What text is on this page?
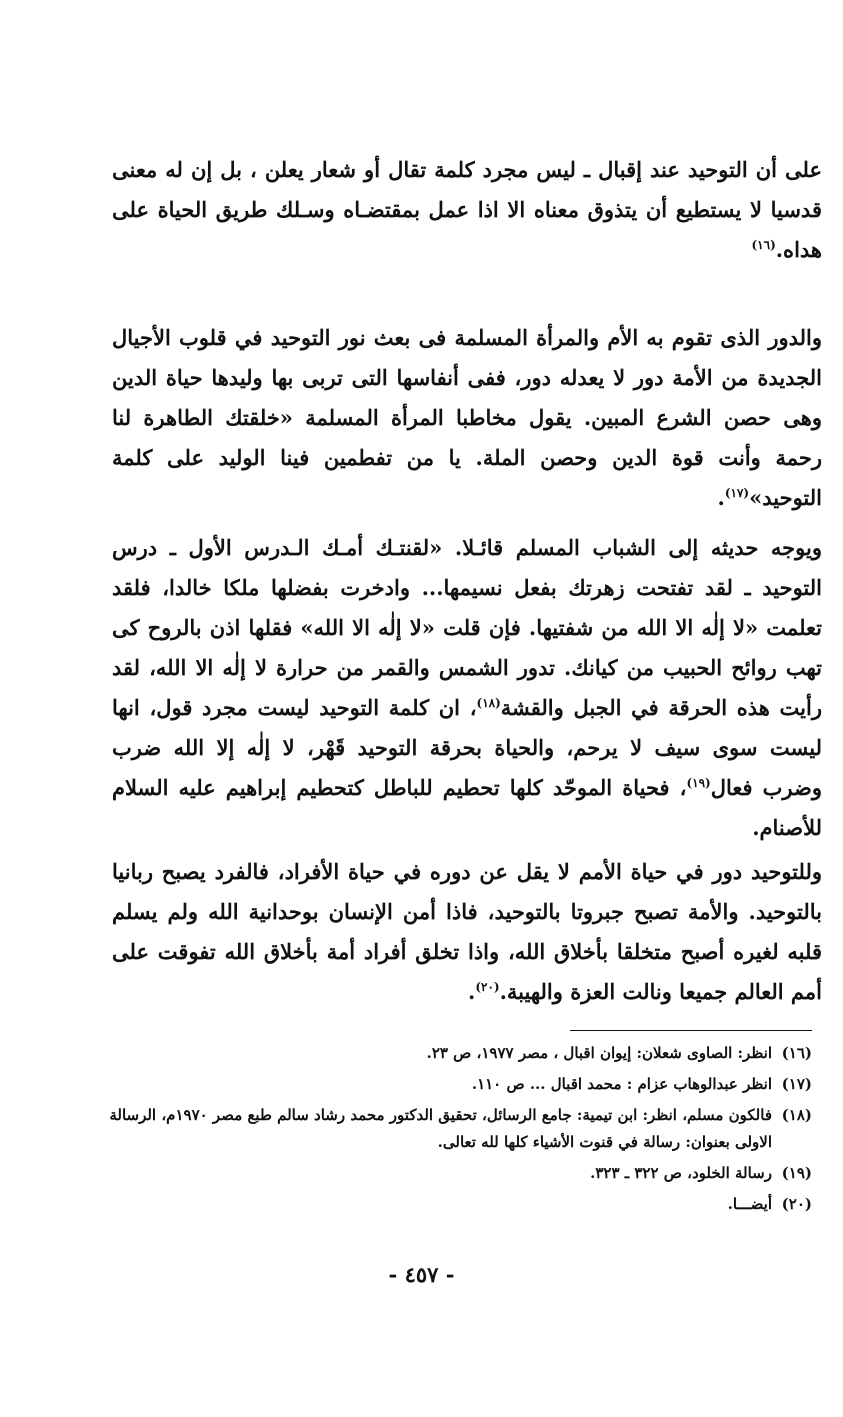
على أن التوحيد عند إقبال ـ ليس مجرد كلمة تقال أو شعار يعلن ، بل إن له معنى قدسيا لا يستطيع أن يتذوق معناه الا اذا عمل بمقتضـاه وسـلك طريق الحياة على هداه.$^{(١٦)}$

والدور الذى تقوم به الأم والمرأة المسلمة فى بعث نور التوحيد في قلوب الأجيال الجديدة من الأمة دور لا يعدله دور، ففى أنفاسها التى تربى بها وليدها حياة الدين وهى حصن الشرع المبين. يقول مخاطبا المرأة المسلمة «خلقتك الطاهرة لنا رحمة وأنت قوة الدين وحصن الملة. يا من تفطمين فينا الوليد على كلمة التوحيد»$^{(١٧)}$.

ويوجه حديثه إلى الشباب المسلم قائـلا. «لقنتـك أمـك الـدرس الأول ـ درس التوحيد ـ لقد تفتحت زهرتك بفعل نسيمها... وادخرت بفضلها ملكا خالدا، فلقد تعلمت «لا إلٰه الا الله من شفتيها. فإن قلت «لا إلٰه الا الله» فقلها اذن بالروح كى تهب روائح الحبيب من كيانك. تدور الشمس والقمر من حرارة لا إلٰه الا الله، لقد رأيت هذه الحرقة في الجبل والقشة$^{(١٨)}$، ان كلمة التوحيد ليست مجرد قول، انها ليست سوى سيف لا يرحم، والحياة بحرقة التوحيد قَهْر، لا إلٰه إلا الله ضرب وضرب فعال$^{(١٩)}$، فحياة الموحّد كلها تحطيم للباطل كتحطيم إبراهيم عليه السلام للأصنام.

وللتوحيد دور في حياة الأمم لا يقل عن دوره في حياة الأفراد، فالفرد يصبح ربانيا بالتوحيد. والأمة تصبح جبروتا بالتوحيد، فاذا أمن الإنسان بوحدانية الله ولم يسلم قلبه لغيره أصبح متخلقا بأخلاق الله، واذا تخلق أفراد أمة بأخلاق الله تفوقت على أمم العالم جميعا ونالت العزة والهيبة.$^{(٢٠)}$.

(١٦)
انظر: الصاوى شعلان: إيوان اقبال ، مصر ١٩٧٧، ص ٢٣.
(١٧)
انظر عبدالوهاب عزام : محمد اقبال ... ص ١١٠.
(١٨)
فالكون مسلم، انظر: ابن تيمية: جامع الرسائل، تحقيق الدكتور محمد رشاد سالم طبع مصر ١٩٧٠م، الرسالة الاولى بعنوان: رسالة في قنوت الأشياء كلها لله تعالى.
(١٩)
رسالة الخلود، ص ٣٢٢ ـ ٣٢٣.
(٢٠)
أيضـــا.
- ٤٥٧ -
